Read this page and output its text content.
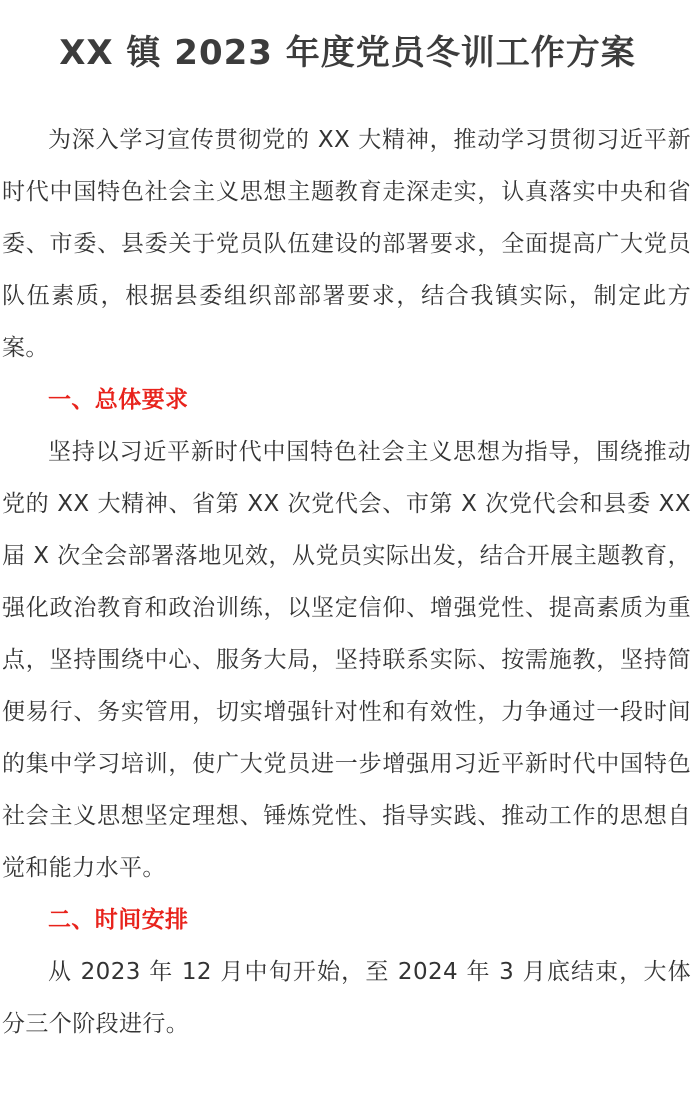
XX 镇 2023 年度党员冬训工作方案

为深入学习宣传贯彻党的 XX 大精神，推动学习贯彻习近平新时代中国特色社会主义思想主题教育走深走实，认真落实中央和省委、市委、县委关于党员队伍建设的部署要求，全面提高广大党员队伍素质，根据县委组织部部署要求，结合我镇实际，制定此方案。

一、总体要求

坚持以习近平新时代中国特色社会主义思想为指导，围绕推动党的 XX 大精神、省第 XX 次党代会、市第 X 次党代会和县委 XX 届 X 次全会部署落地见效，从党员实际出发，结合开展主题教育，强化政治教育和政治训练，以坚定信仰、增强党性、提高素质为重点，坚持围绕中心、服务大局，坚持联系实际、按需施教，坚持简便易行、务实管用，切实增强针对性和有效性，力争通过一段时间的集中学习培训，使广大党员进一步增强用习近平新时代中国特色社会主义思想坚定理想、锤炼党性、指导实践、推动工作的思想自觉和能力水平。

二、时间安排

从 2023 年 12 月中旬开始，至 2024 年 3 月底结束，大体分三个阶段进行。
